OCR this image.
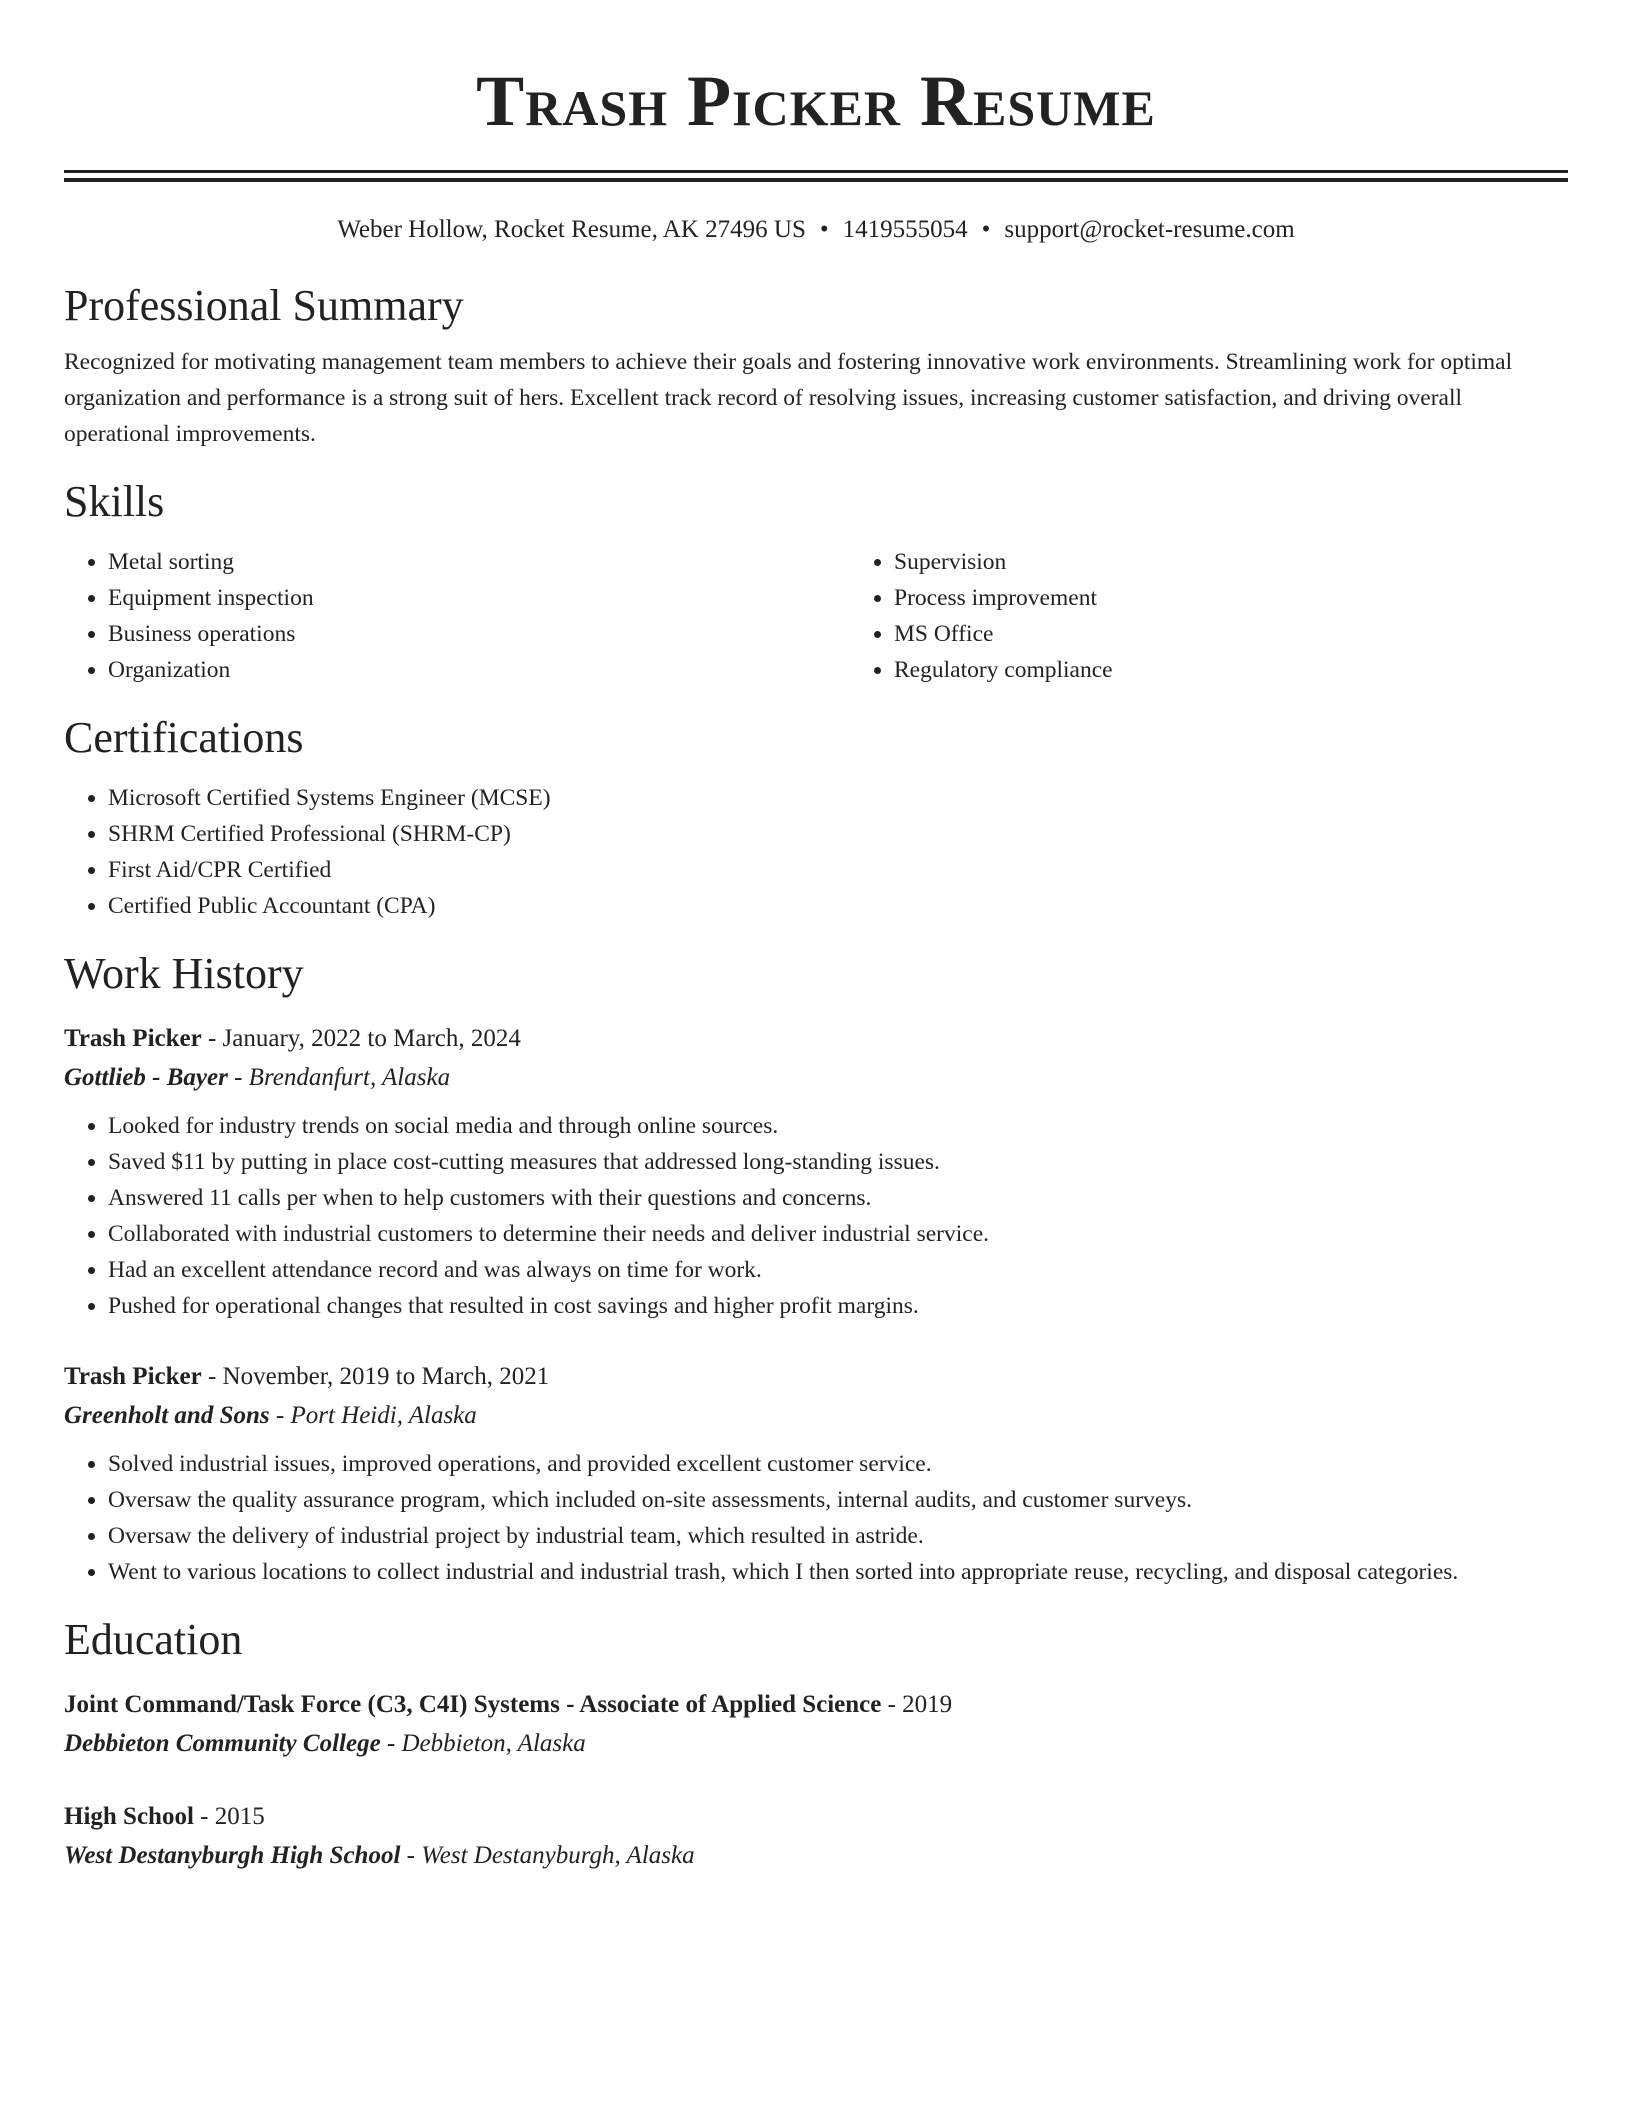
Trash Picker Resume
Weber Hollow, Rocket Resume, AK 27496 US • 1419555054 • support@rocket-resume.com
Professional Summary
Recognized for motivating management team members to achieve their goals and fostering innovative work environments. Streamlining work for optimal organization and performance is a strong suit of hers. Excellent track record of resolving issues, increasing customer satisfaction, and driving overall operational improvements.
Skills
• Metal sorting
• Equipment inspection
• Business operations
• Organization
• Supervision
• Process improvement
• MS Office
• Regulatory compliance
Certifications
• Microsoft Certified Systems Engineer (MCSE)
• SHRM Certified Professional (SHRM-CP)
• First Aid/CPR Certified
• Certified Public Accountant (CPA)
Work History
Trash Picker - January, 2022 to March, 2024
Gottlieb - Bayer - Brendanfurt, Alaska
• Looked for industry trends on social media and through online sources.
• Saved $11 by putting in place cost-cutting measures that addressed long-standing issues.
• Answered 11 calls per when to help customers with their questions and concerns.
• Collaborated with industrial customers to determine their needs and deliver industrial service.
• Had an excellent attendance record and was always on time for work.
• Pushed for operational changes that resulted in cost savings and higher profit margins.
Trash Picker - November, 2019 to March, 2021
Greenholt and Sons - Port Heidi, Alaska
• Solved industrial issues, improved operations, and provided excellent customer service.
• Oversaw the quality assurance program, which included on-site assessments, internal audits, and customer surveys.
• Oversaw the delivery of industrial project by industrial team, which resulted in astride.
• Went to various locations to collect industrial and industrial trash, which I then sorted into appropriate reuse, recycling, and disposal categories.
Education
Joint Command/Task Force (C3, C4I) Systems - Associate of Applied Science - 2019
Debbieton Community College - Debbieton, Alaska
High School - 2015
West Destanyburgh High School - West Destanyburgh, Alaska
